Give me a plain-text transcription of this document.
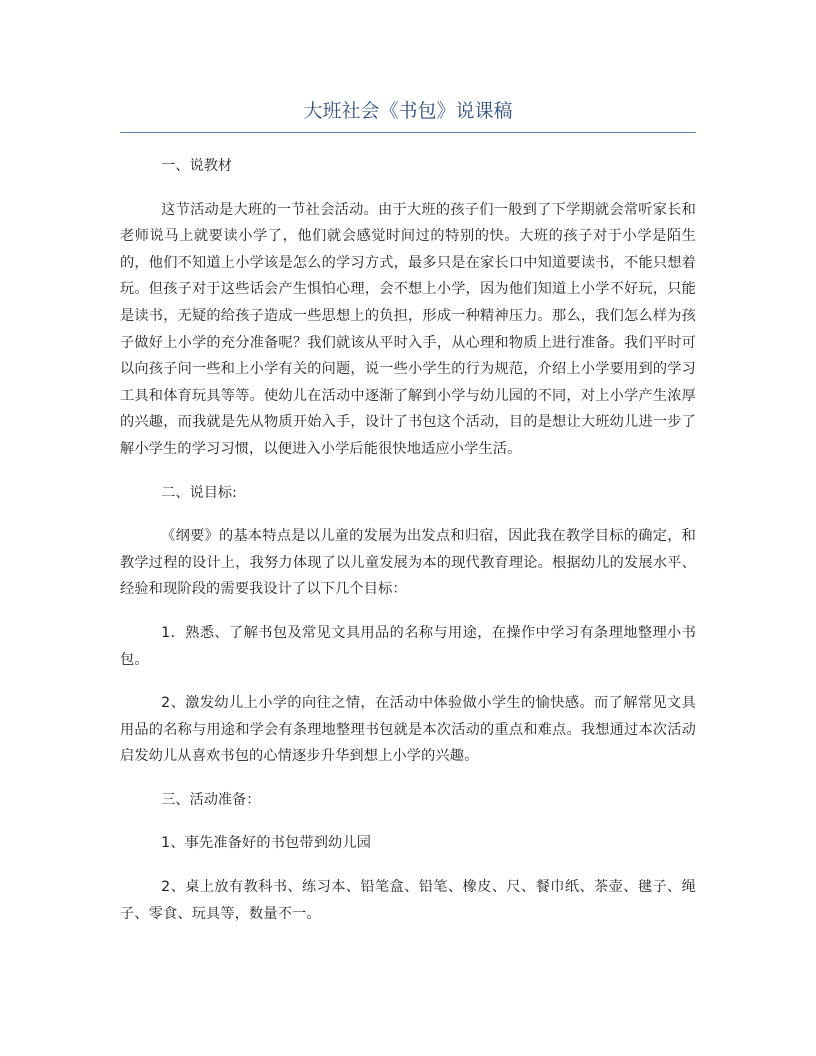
大班社会《书包》说课稿

一、说教材

这节活动是大班的一节社会活动。由于大班的孩子们一般到了下学期就会常听家长和老师说马上就要读小学了，他们就会感觉时间过的特别的快。大班的孩子对于小学是陌生的，他们不知道上小学该是怎么的学习方式，最多只是在家长口中知道要读书，不能只想着玩。但孩子对于这些话会产生惧怕心理，会不想上小学，因为他们知道上小学不好玩，只能是读书，无疑的给孩子造成一些思想上的负担，形成一种精神压力。那么，我们怎么样为孩子做好上小学的充分准备呢？我们就该从平时入手，从心理和物质上进行准备。我们平时可以向孩子问一些和上小学有关的问题，说一些小学生的行为规范，介绍上小学要用到的学习工具和体育玩具等等。使幼儿在活动中逐渐了解到小学与幼儿园的不同，对上小学产生浓厚的兴趣，而我就是先从物质开始入手，设计了书包这个活动，目的是想让大班幼儿进一步了解小学生的学习习惯，以便进入小学后能很快地适应小学生活。

二、说目标:

《纲要》的基本特点是以儿童的发展为出发点和归宿，因此我在教学目标的确定，和教学过程的设计上，我努力体现了以儿童发展为本的现代教育理论。根据幼儿的发展水平、经验和现阶段的需要我设计了以下几个目标：

1．熟悉、了解书包及常见文具用品的名称与用途，在操作中学习有条理地整理小书包。

2、激发幼儿上小学的向往之情，在活动中体验做小学生的愉快感。而了解常见文具用品的名称与用途和学会有条理地整理书包就是本次活动的重点和难点。我想通过本次活动启发幼儿从喜欢书包的心情逐步升华到想上小学的兴趣。

三、活动准备：

1、事先准备好的书包带到幼儿园

2、桌上放有教科书、练习本、铅笔盒、铅笔、橡皮、尺、餐巾纸、茶壶、毽子、绳子、零食、玩具等，数量不一。
